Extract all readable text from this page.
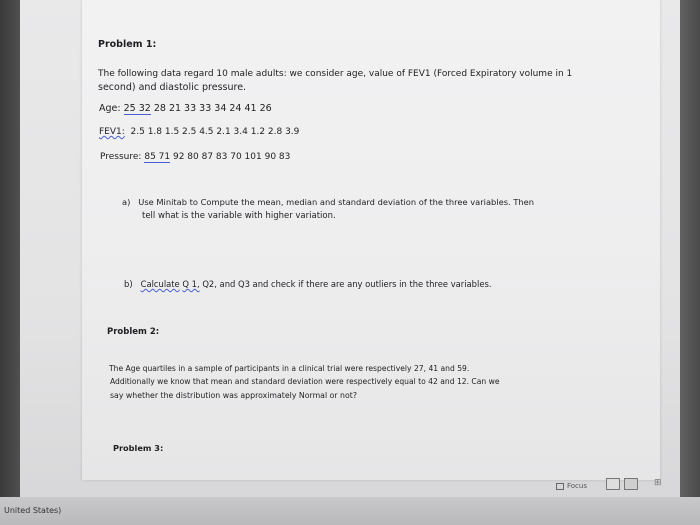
Problem 1:
The following data regard 10 male adults: we consider age, value of FEV1 (Forced Expiratory volume in 1
second) and diastolic pressure.
Age: 25 32 28 21 33 33 34 24 41 26
FEV1: 2.5 1.8 1.5 2.5 4.5 2.1 3.4 1.2 2.8 3.9
Pressure: 85 71 92 80 87 83 70 101 90 83
a) Use Minitab to Compute the mean, median and standard deviation of the three variables. Then
tell what is the variable with higher variation.
b) Calculate Q 1, Q2, and Q3 and check if there are any outliers in the three variables.
Problem 2:
The Age quartiles in a sample of participants in a clinical trial were respectively 27, 41 and 59.
Additionally we know that mean and standard deviation were respectively equal to 42 and 12. Can we
say whether the distribution was approximately Normal or not?
Problem 3:
Focus	⊞
United States)
